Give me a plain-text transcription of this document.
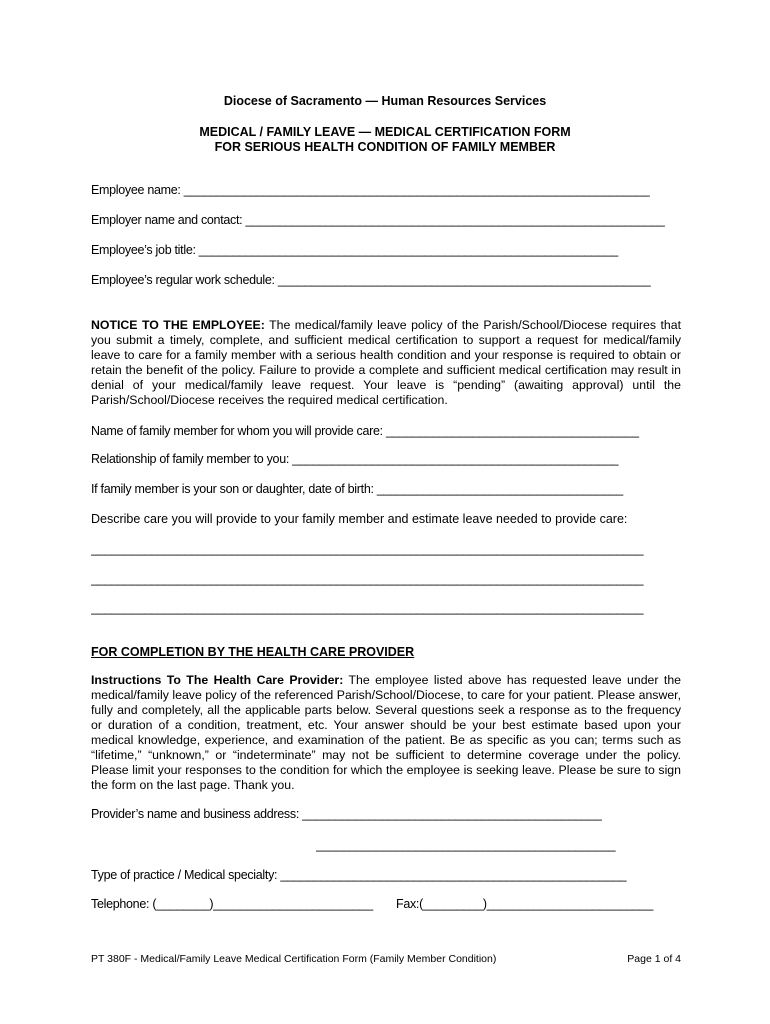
Diocese of Sacramento — Human Resources Services
MEDICAL / FAMILY LEAVE — MEDICAL CERTIFICATION FORM
FOR SERIOUS HEALTH CONDITION OF FAMILY MEMBER
Employee name: ______________________________________________________________________
Employer name and contact: _______________________________________________________________
Employee’s job title: _______________________________________________________________
Employee’s regular work schedule: ________________________________________________________
NOTICE TO THE EMPLOYEE: The medical/family leave policy of the Parish/School/Diocese requires that you submit a timely, complete, and sufficient medical certification to support a request for medical/family leave to care for a family member with a serious health condition and your response is required to obtain or retain the benefit of the policy. Failure to provide a complete and sufficient medical certification may result in denial of your medical/family leave request. Your leave is “pending” (awaiting approval) until the Parish/School/Diocese receives the required medical certification.
Name of family member for whom you will provide care: ______________________________________
Relationship of family member to you: _________________________________________________
If family member is your son or daughter, date of birth: _____________________________________
Describe care you will provide to your family member and estimate leave needed to provide care:
___________________________________________________________________________________
___________________________________________________________________________________
___________________________________________________________________________________
FOR COMPLETION BY THE HEALTH CARE PROVIDER
Instructions To The Health Care Provider: The employee listed above has requested leave under the medical/family leave policy of the referenced Parish/School/Diocese, to care for your patient. Please answer, fully and completely, all the applicable parts below. Several questions seek a response as to the frequency or duration of a condition, treatment, etc. Your answer should be your best estimate based upon your medical knowledge, experience, and examination of the patient. Be as specific as you can; terms such as “lifetime,” “unknown,” or “indeterminate” may not be sufficient to determine coverage under the policy. Please limit your responses to the condition for which the employee is seeking leave. Please be sure to sign the form on the last page. Thank you.
Provider’s name and business address: _____________________________________________
_____________________________________________
Type of practice / Medical specialty: ____________________________________________________
Telephone: (________)________________________	Fax:(_________)_________________________
PT 380F - Medical/Family Leave Medical Certification Form (Family Member Condition)	Page 1 of 4
